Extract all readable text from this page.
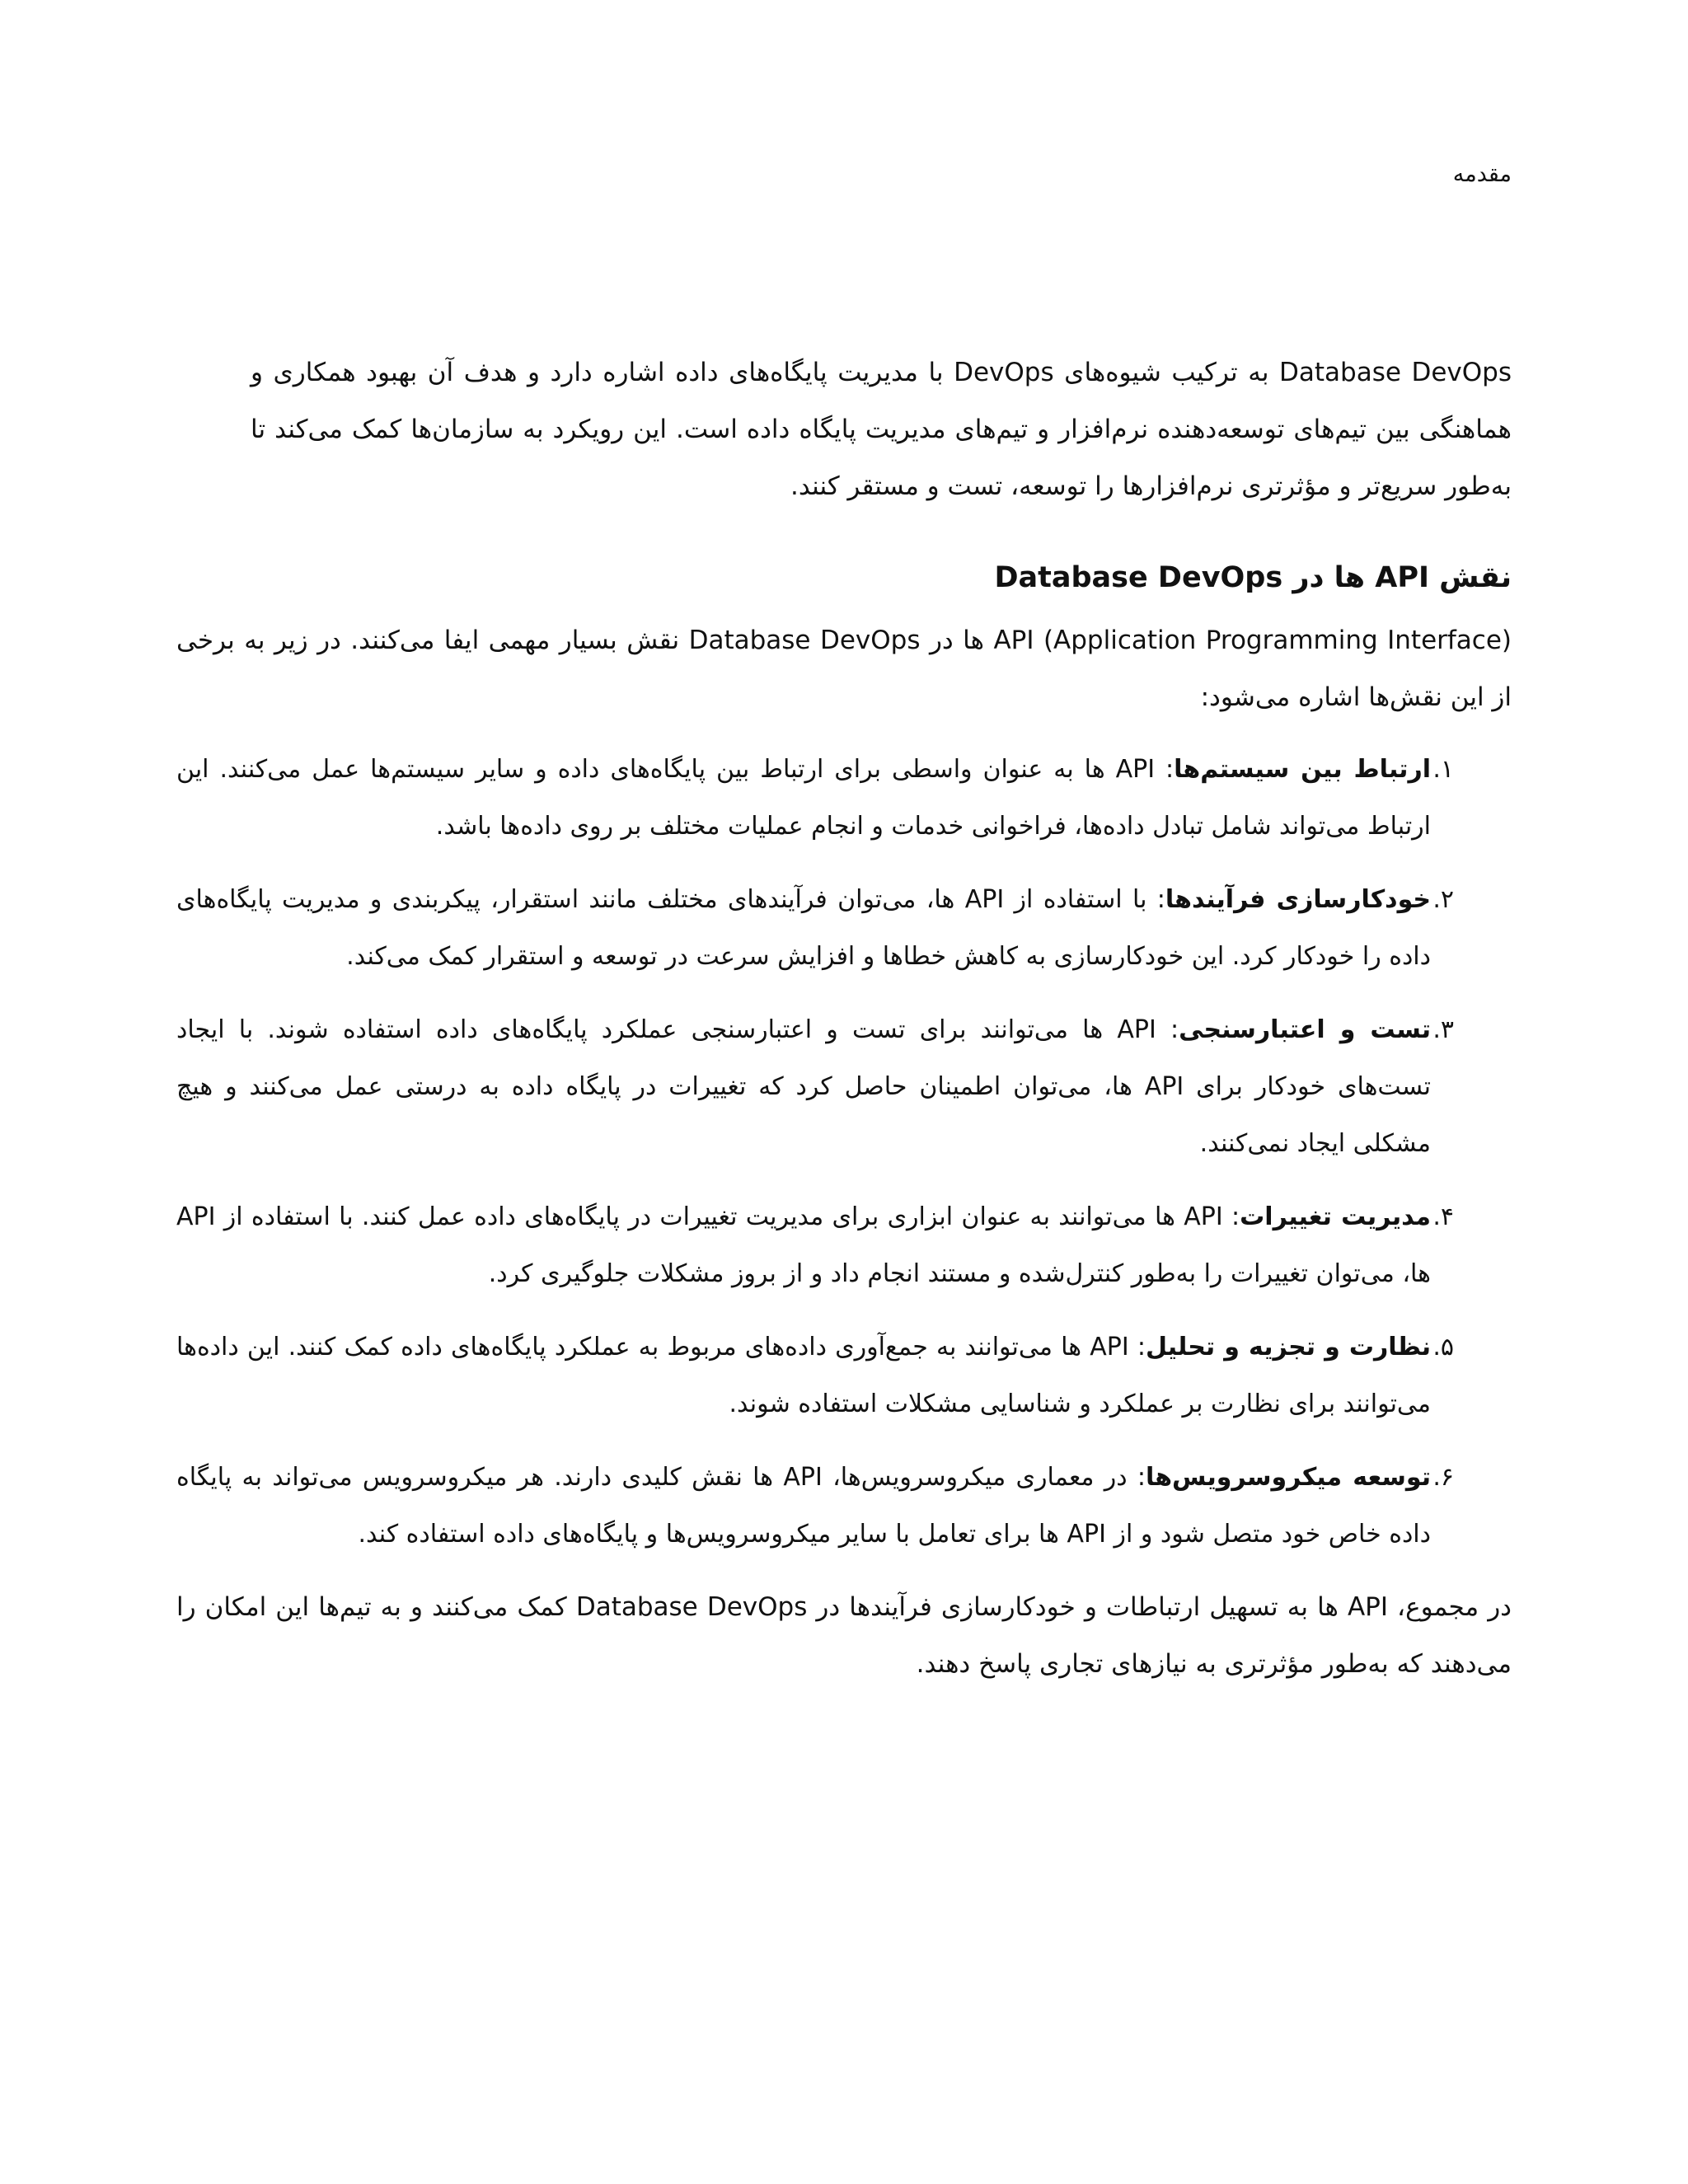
مقدمه

Database DevOps به ترکیب شیوه‌های DevOps با مدیریت پایگاه‌های داده اشاره دارد و هدف آن بهبود همکاری و هماهنگی بین تیم‌های توسعه‌دهنده نرم‌افزار و تیم‌های مدیریت پایگاه داده است. این رویکرد به سازمان‌ها کمک می‌کند تا به‌طور سریع‌تر و مؤثرتری نرم‌افزارها را توسعه، تست و مستقر کنند.

نقش API ها در Database DevOps

API (Application Programming Interface) ها در Database DevOps نقش بسیار مهمی ایفا می‌کنند. در زیر به برخی از این نقش‌ها اشاره می‌شود:

۱.
ارتباط بین سیستم‌ها: API ها به عنوان واسطی برای ارتباط بین پایگاه‌های داده و سایر سیستم‌ها عمل می‌کنند. این ارتباط می‌تواند شامل تبادل داده‌ها، فراخوانی خدمات و انجام عملیات مختلف بر روی داده‌ها باشد.
۲.
خودکارسازی فرآیندها: با استفاده از API ها، می‌توان فرآیندهای مختلف مانند استقرار، پیکربندی و مدیریت پایگاه‌های داده را خودکار کرد. این خودکارسازی به کاهش خطاها و افزایش سرعت در توسعه و استقرار کمک می‌کند.
۳.
تست و اعتبارسنجی: API ها می‌توانند برای تست و اعتبارسنجی عملکرد پایگاه‌های داده استفاده شوند. با ایجاد تست‌های خودکار برای API ها، می‌توان اطمینان حاصل کرد که تغییرات در پایگاه داده به درستی عمل می‌کنند و هیچ مشکلی ایجاد نمی‌کنند.
۴.
مدیریت تغییرات: API ها می‌توانند به عنوان ابزاری برای مدیریت تغییرات در پایگاه‌های داده عمل کنند. با استفاده از API ها، می‌توان تغییرات را به‌طور کنترل‌شده و مستند انجام داد و از بروز مشکلات جلوگیری کرد.
۵.
نظارت و تجزیه و تحلیل: API ها می‌توانند به جمع‌آوری داده‌های مربوط به عملکرد پایگاه‌های داده کمک کنند. این داده‌ها می‌توانند برای نظارت بر عملکرد و شناسایی مشکلات استفاده شوند.
۶.
توسعه میکروسرویس‌ها: در معماری میکروسرویس‌ها، API ها نقش کلیدی دارند. هر میکروسرویس می‌تواند به پایگاه داده خاص خود متصل شود و از API ها برای تعامل با سایر میکروسرویس‌ها و پایگاه‌های داده استفاده کند.

در مجموع، API ها به تسهیل ارتباطات و خودکارسازی فرآیندها در Database DevOps کمک می‌کنند و به تیم‌ها این امکان را می‌دهند که به‌طور مؤثرتری به نیازهای تجاری پاسخ دهند.
